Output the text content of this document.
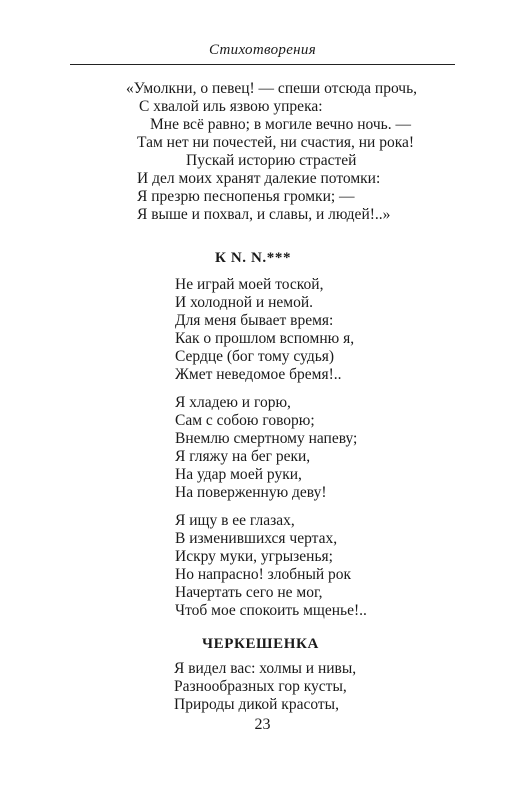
Стихотворения
«Умолкни, о певец! — спеши отсюда прочь,
С хвалой иль язвою упрека:
Мне всё равно; в могиле вечно ночь. —
Там нет ни почестей, ни счастия, ни рока!
Пускай историю страстей
И дел моих хранят далекие потомки:
Я презрю песнопенья громки; —
Я выше и похвал, и славы, и людей!..»
К N. N.***
Не играй моей тоской,
И холодной и немой.
Для меня бывает время:
Как о прошлом вспомню я,
Сердце (бог тому судья)
Жмет неведомое бремя!..
Я хладею и горю,
Сам с собою говорю;
Внемлю смертному напеву;
Я гляжу на бег реки,
На удар моей руки,
На поверженную деву!
Я ищу в ее глазах,
В изменившихся чертах,
Искру муки, угрызенья;
Но напрасно! злобный рок
Начертать сего не мог,
Чтоб мое спокоить мщенье!..
ЧЕРКЕШЕНКА
Я видел вас: холмы и нивы,
Разнообразных гор кусты,
Природы дикой красоты,
23
